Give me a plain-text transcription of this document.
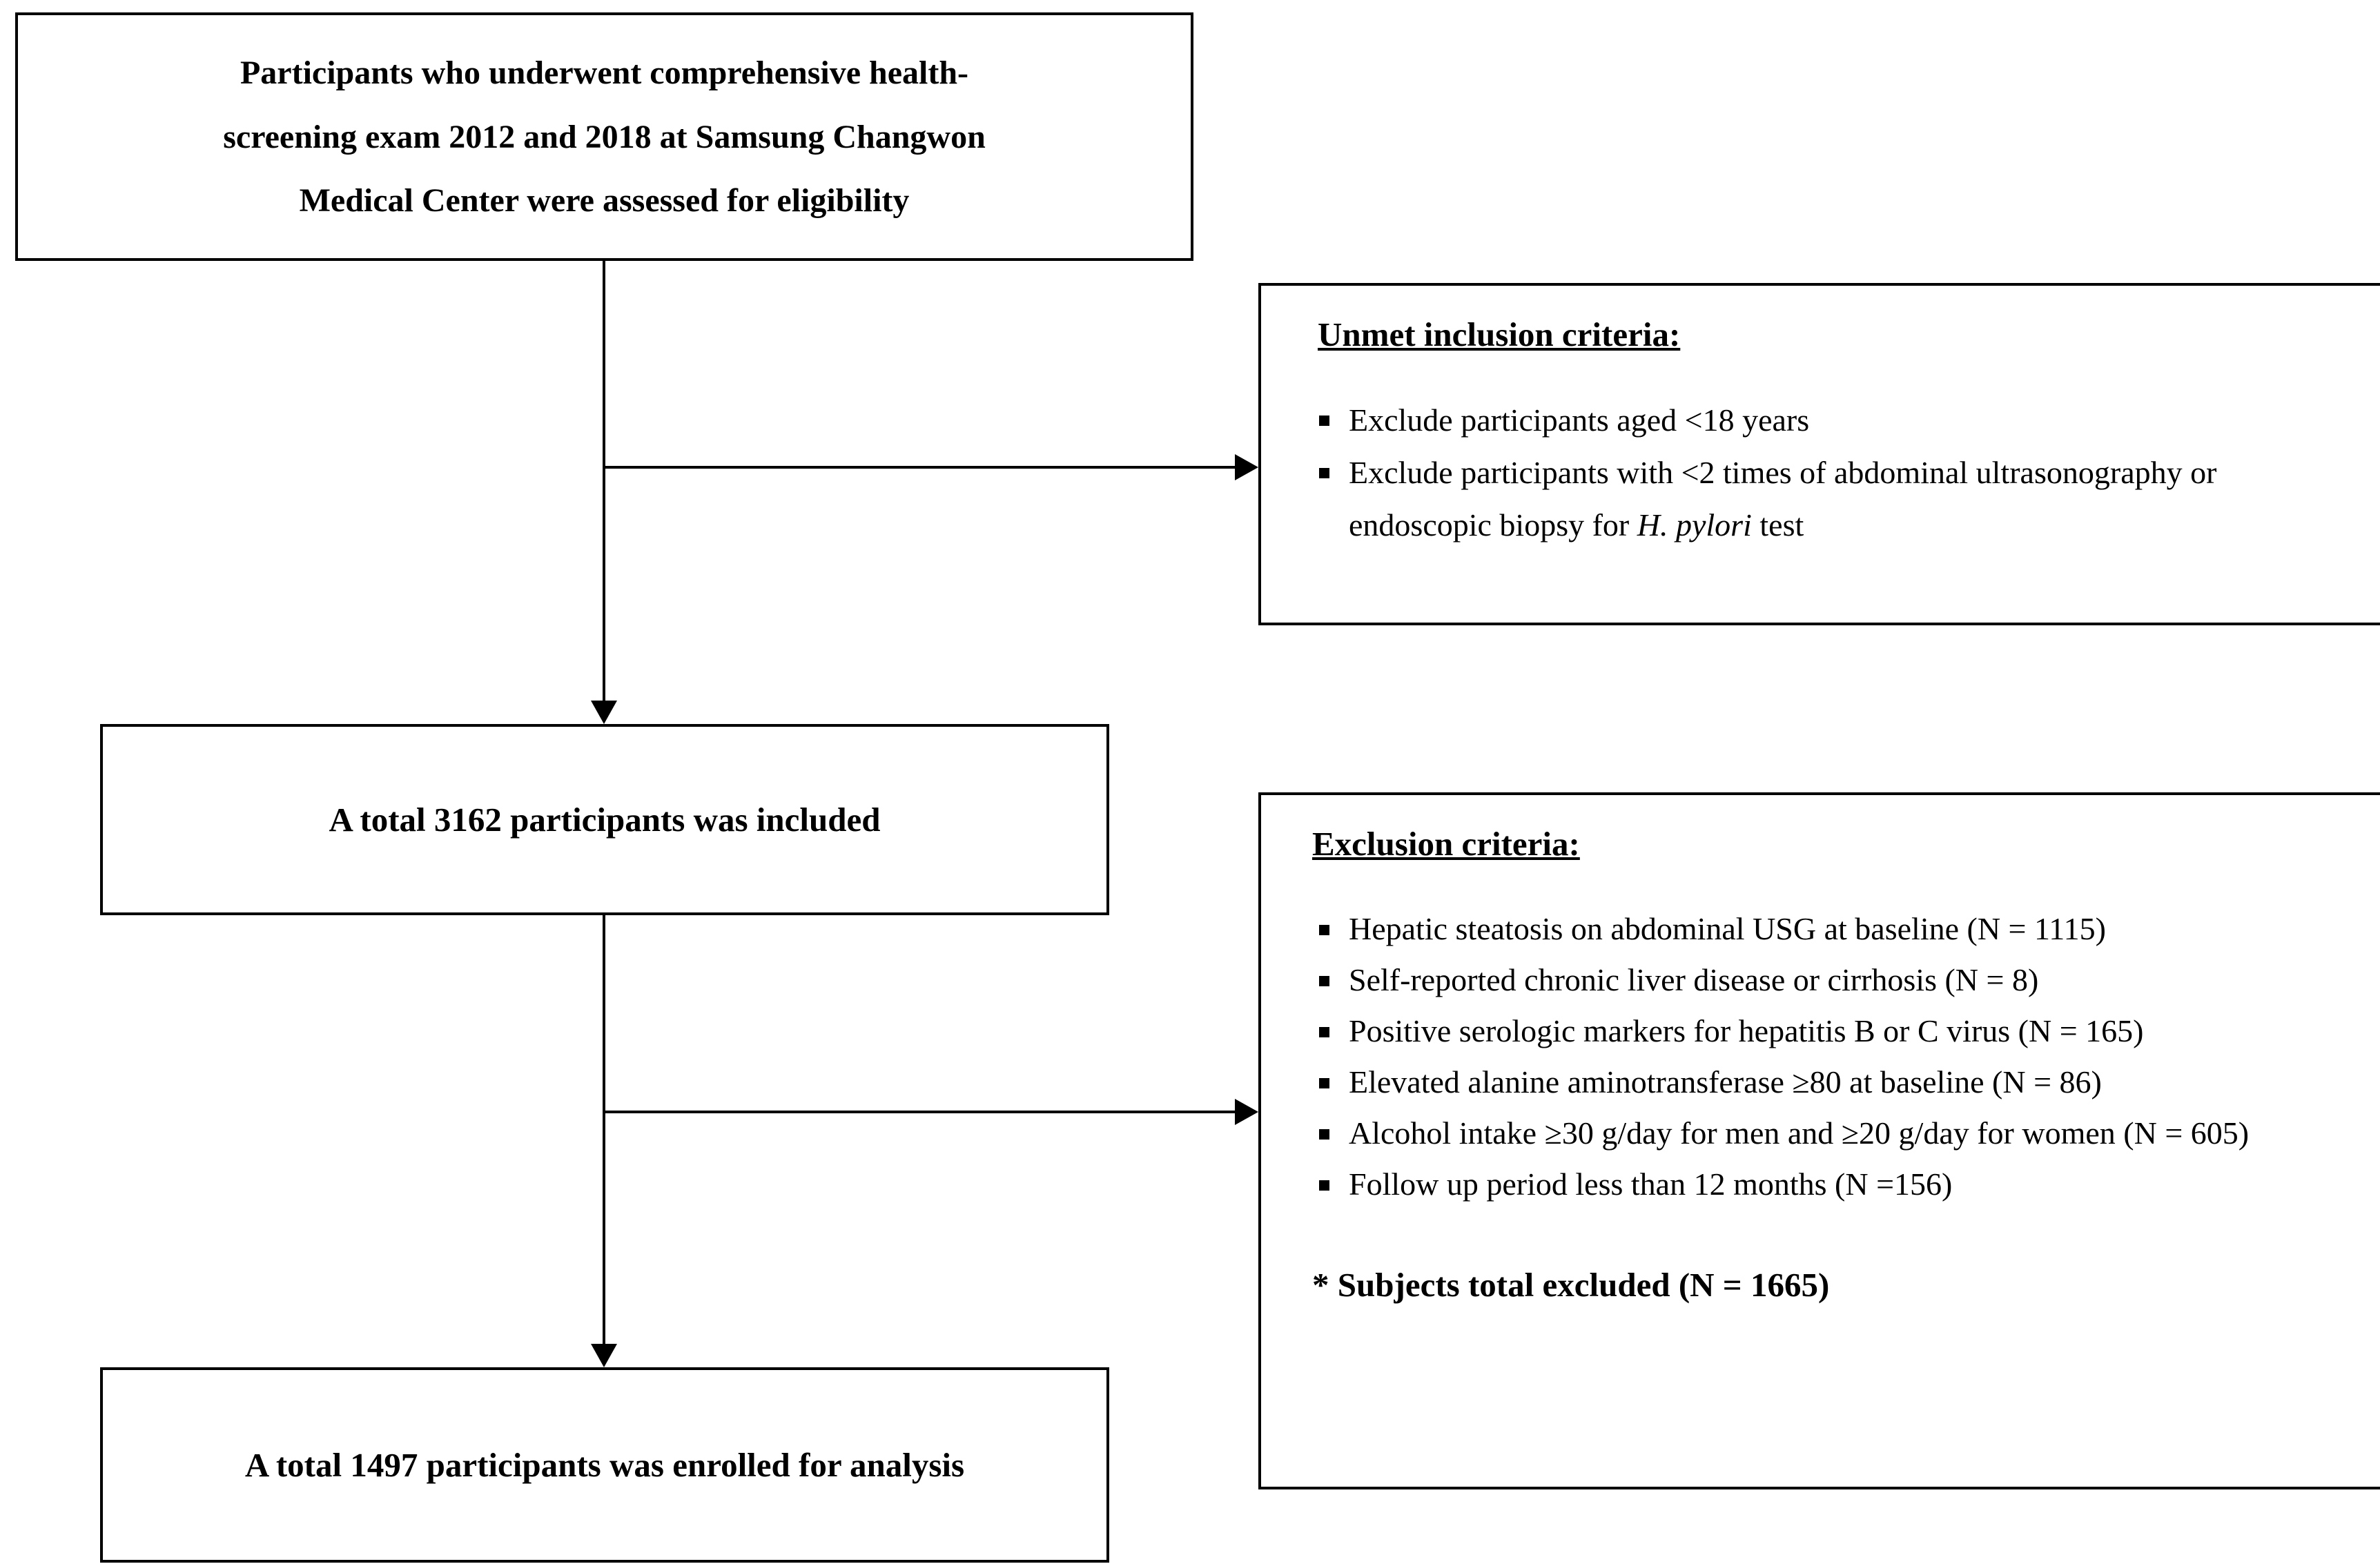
Participants who underwent comprehensive health-
screening exam 2012 and 2018 at Samsung Changwon
Medical Center were assessed for eligibility
Unmet inclusion criteria:
Exclude participants aged <18 years
Exclude participants with <2 times of abdominal ultrasonography or endoscopic biopsy for H. pylori test
A total 3162 participants was included
Exclusion criteria:
Hepatic steatosis on abdominal USG at baseline (N = 1115)
Self-reported chronic liver disease or cirrhosis (N = 8)
Positive serologic markers for hepatitis B or C virus (N = 165)
Elevated alanine aminotransferase ≥80 at baseline (N = 86)
Alcohol intake ≥30 g/day for men and ≥20 g/day for women (N = 605)
Follow up period less than 12 months (N =156)
* Subjects total excluded (N = 1665)
A total 1497 participants was enrolled for analysis
